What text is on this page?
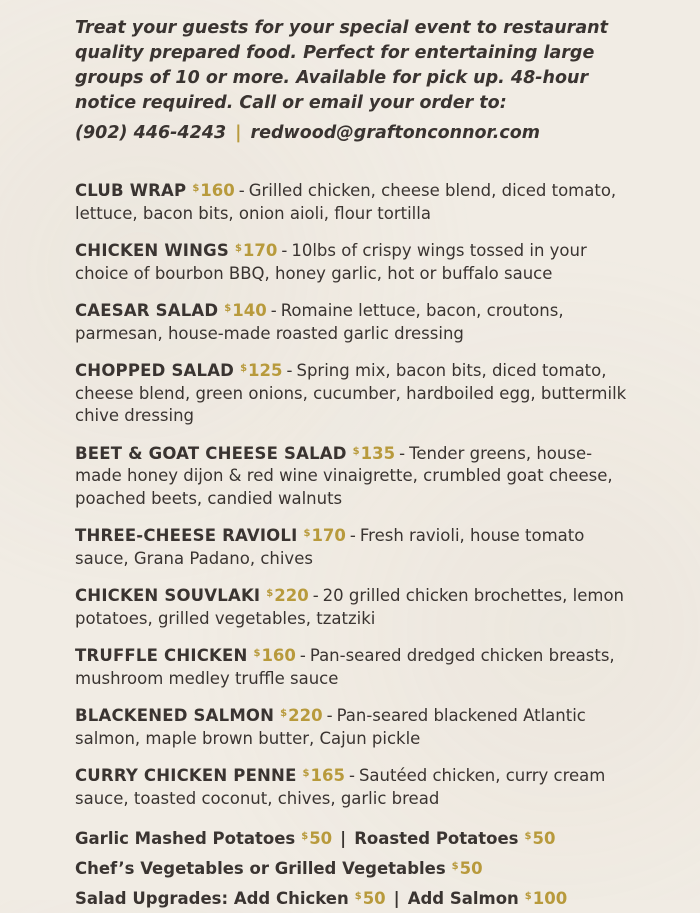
Treat your guests for your special event to restaurant quality prepared food. Perfect for entertaining large groups of 10 or more. Available for pick up. 48-hour notice required. Call or email your order to:

(902) 446-4243 | redwood@graftonconnor.com

CLUB WRAP $160 - Grilled chicken, cheese blend, diced tomato, lettuce, bacon bits, onion aioli, flour tortilla

CHICKEN WINGS $170 - 10lbs of crispy wings tossed in your choice of bourbon BBQ, honey garlic, hot or buffalo sauce

CAESAR SALAD $140 - Romaine lettuce, bacon, croutons, parmesan, house-made roasted garlic dressing

CHOPPED SALAD $125 - Spring mix, bacon bits, diced tomato, cheese blend, green onions, cucumber, hardboiled egg, buttermilk chive dressing

BEET & GOAT CHEESE SALAD $135 - Tender greens, house-made honey dijon & red wine vinaigrette, crumbled goat cheese, poached beets, candied walnuts

THREE-CHEESE RAVIOLI $170 - Fresh ravioli, house tomato sauce, Grana Padano, chives

CHICKEN SOUVLAKI $220 - 20 grilled chicken brochettes, lemon potatoes, grilled vegetables, tzatziki

TRUFFLE CHICKEN $160 - Pan-seared dredged chicken breasts, mushroom medley truffle sauce

BLACKENED SALMON $220 - Pan-seared blackened Atlantic salmon, maple brown butter, Cajun pickle

CURRY CHICKEN PENNE $165 - Sautéed chicken, curry cream sauce, toasted coconut, chives, garlic bread

Garlic Mashed Potatoes $50 | Roasted Potatoes $50
Chef’s Vegetables or Grilled Vegetables $50
Salad Upgrades: Add Chicken $50 | Add Salmon $100
